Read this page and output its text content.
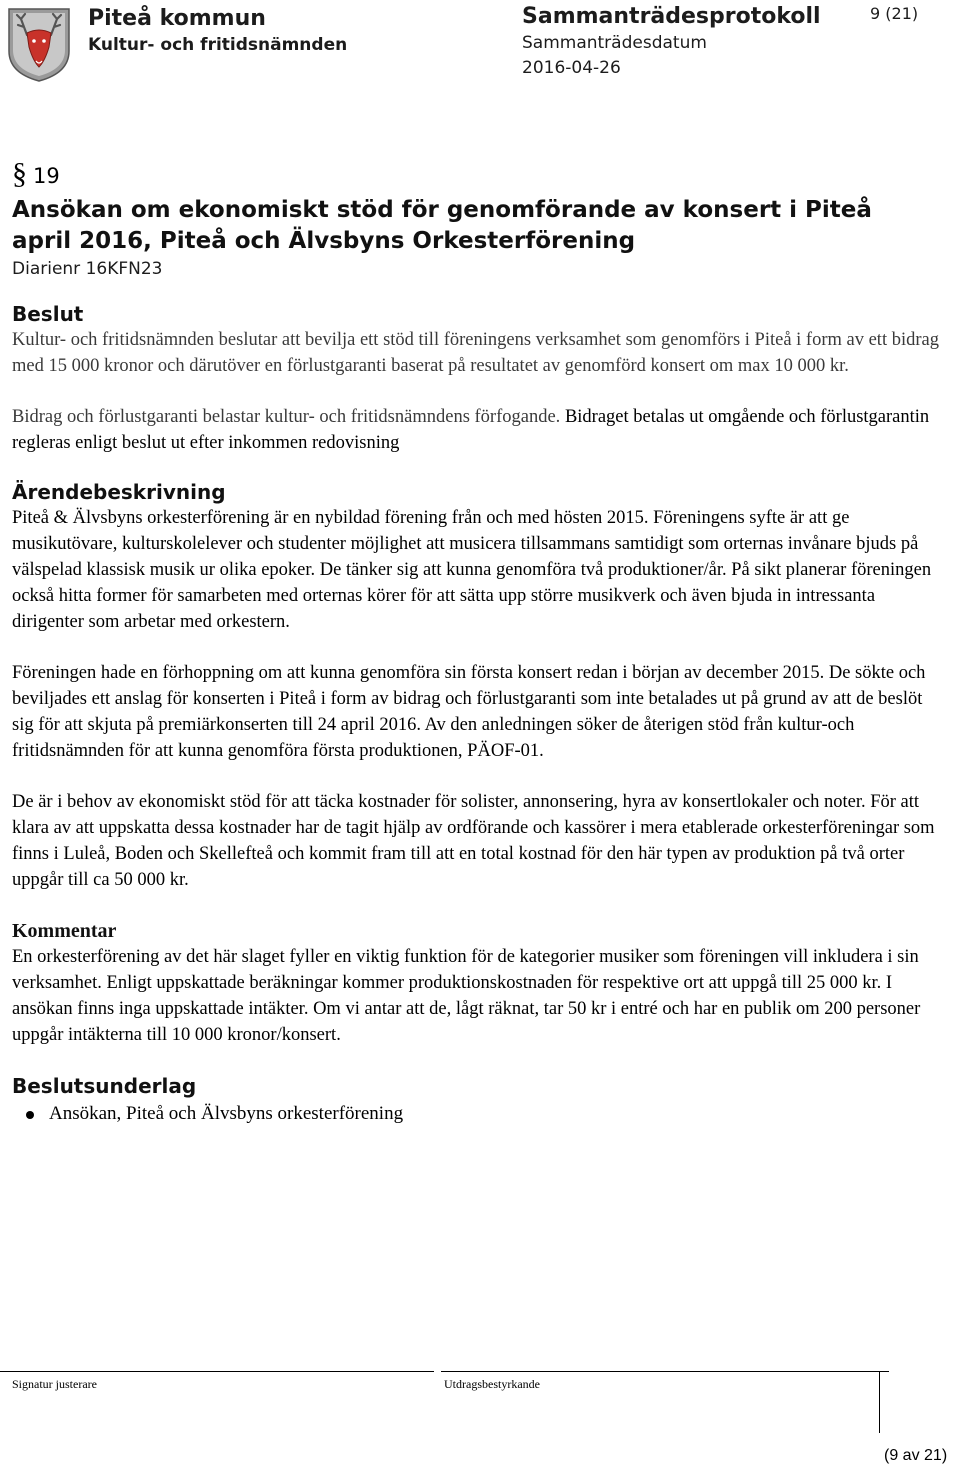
Piteå kommun
Kultur- och fritidsnämnden
Sammanträdesprotokoll
Sammanträdesdatum
2016-04-26
9 (21)
§ 19
Ansökan om ekonomiskt stöd för genomförande av konsert i Piteå
april 2016, Piteå och Älvsbyns Orkesterförening
Diarienr 16KFN23
Beslut

Kultur- och fritidsnämnden beslutar att bevilja ett stöd till föreningens verksamhet som genomförs i Piteå i form av ett bidrag med 15 000 kronor och därutöver en förlustgaranti baserat på resultatet av genomförd konsert om max 10 000 kr.

Bidrag och förlustgaranti belastar kultur- och fritidsnämndens förfogande. Bidraget betalas ut omgående och förlustgarantin regleras enligt beslut ut efter inkommen redovisning

Ärendebeskrivning

Piteå & Älvsbyns orkesterförening är en nybildad förening från och med hösten 2015. Föreningens syfte är att ge musikutövare, kulturskolelever och studenter möjlighet att musicera tillsammans samtidigt som orternas invånare bjuds på välspelad klassisk musik ur olika epoker. De tänker sig att kunna genomföra två produktioner/år. På sikt planerar föreningen också hitta former för samarbeten med orternas körer för att sätta upp större musikverk och även bjuda in intressanta dirigenter som arbetar med orkestern.

Föreningen hade en förhoppning om att kunna genomföra sin första konsert redan i början av december 2015. De sökte och beviljades ett anslag för konserten i Piteå i form av bidrag och förlustgaranti som inte betalades ut på grund av att de beslöt sig för att skjuta på premiärkonserten till 24 april 2016. Av den anledningen söker de återigen stöd från kultur-och fritidsnämnden för att kunna genomföra första produktionen, PÄOF-01.

De är i behov av ekonomiskt stöd för att täcka kostnader för solister, annonsering, hyra av konsertlokaler och noter. För att klara av att uppskatta dessa kostnader har de tagit hjälp av ordförande och kassörer i mera etablerade orkesterföreningar som finns i Luleå, Boden och Skellefteå och kommit fram till att en total kostnad för den här typen av produktion på två orter uppgår till ca 50 000 kr.

Kommentar

En orkesterförening av det här slaget fyller en viktig funktion för de kategorier musiker som föreningen vill inkludera i sin verksamhet. Enligt uppskattade beräkningar kommer produktionskostnaden för respektive ort att uppgå till 25 000 kr. I ansökan finns inga uppskattade intäkter. Om vi antar att de, lågt räknat, tar 50 kr i entré och har en publik om 200 personer uppgår intäkterna till 10 000 kronor/konsert.

Beslutsunderlag
Ansökan, Piteå och Älvsbyns orkesterförening
Signatur justerare	Utdragsbestyrkande
(9 av 21)
